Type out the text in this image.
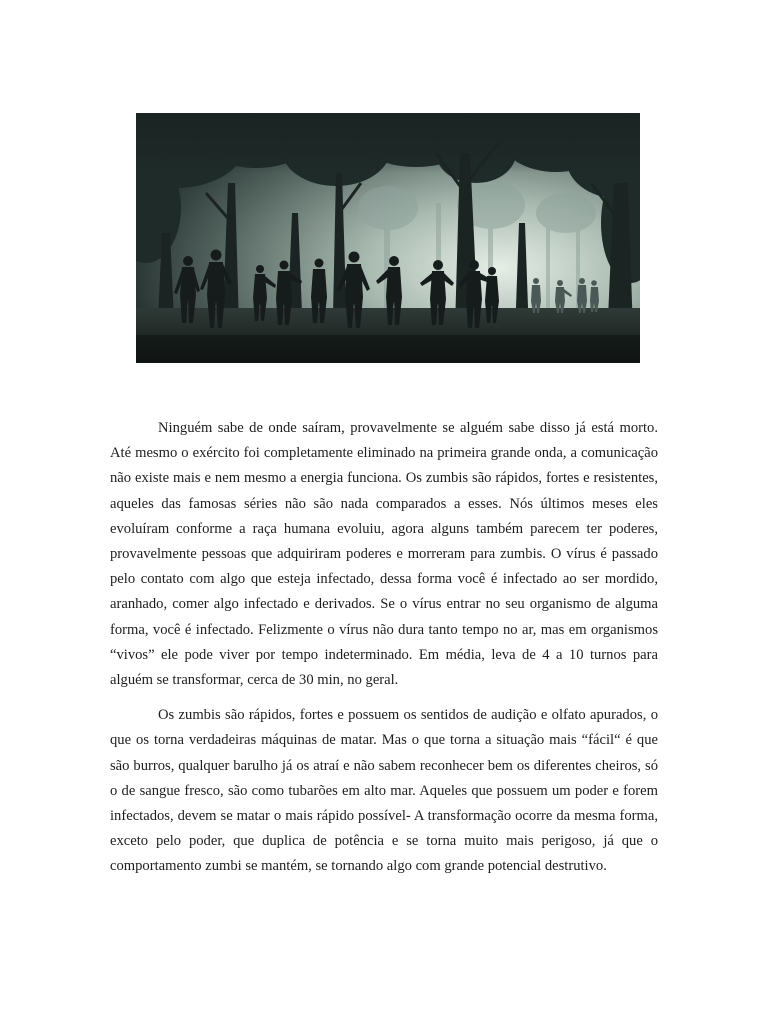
Ninguém sabe de onde saíram, provavelmente se alguém sabe disso já está morto. Até mesmo o exército foi completamente eliminado na primeira grande onda, a comunicação não existe mais e nem mesmo a energia funciona. Os zumbis são rápidos, fortes e resistentes, aqueles das famosas séries não são nada comparados a esses. Nós últimos meses eles evoluíram conforme a raça humana evoluiu, agora alguns também parecem ter poderes, provavelmente pessoas que adquiriram poderes e morreram para zumbis. O vírus é passado pelo contato com algo que esteja infectado, dessa forma você é infectado ao ser mordido, aranhado, comer algo infectado e derivados. Se o vírus entrar no seu organismo de alguma forma, você é infectado. Felizmente o vírus não dura tanto tempo no ar, mas em organismos “vivos” ele pode viver por tempo indeterminado. Em média, leva de 4 a 10 turnos para alguém se transformar, cerca de 30 min, no geral.

Os zumbis são rápidos, fortes e possuem os sentidos de audição e olfato apurados, o que os torna verdadeiras máquinas de matar. Mas o que torna a situação mais “fácil“ é que são burros, qualquer barulho já os atraí e não sabem reconhecer bem os diferentes cheiros, só o de sangue fresco, são como tubarões em alto mar. Aqueles que possuem um poder e forem infectados, devem se matar o mais rápido possível- A transformação ocorre da mesma forma, exceto pelo poder, que duplica de potência e se torna muito mais perigoso, já que o comportamento zumbi se mantém, se tornando algo com grande potencial destrutivo.
